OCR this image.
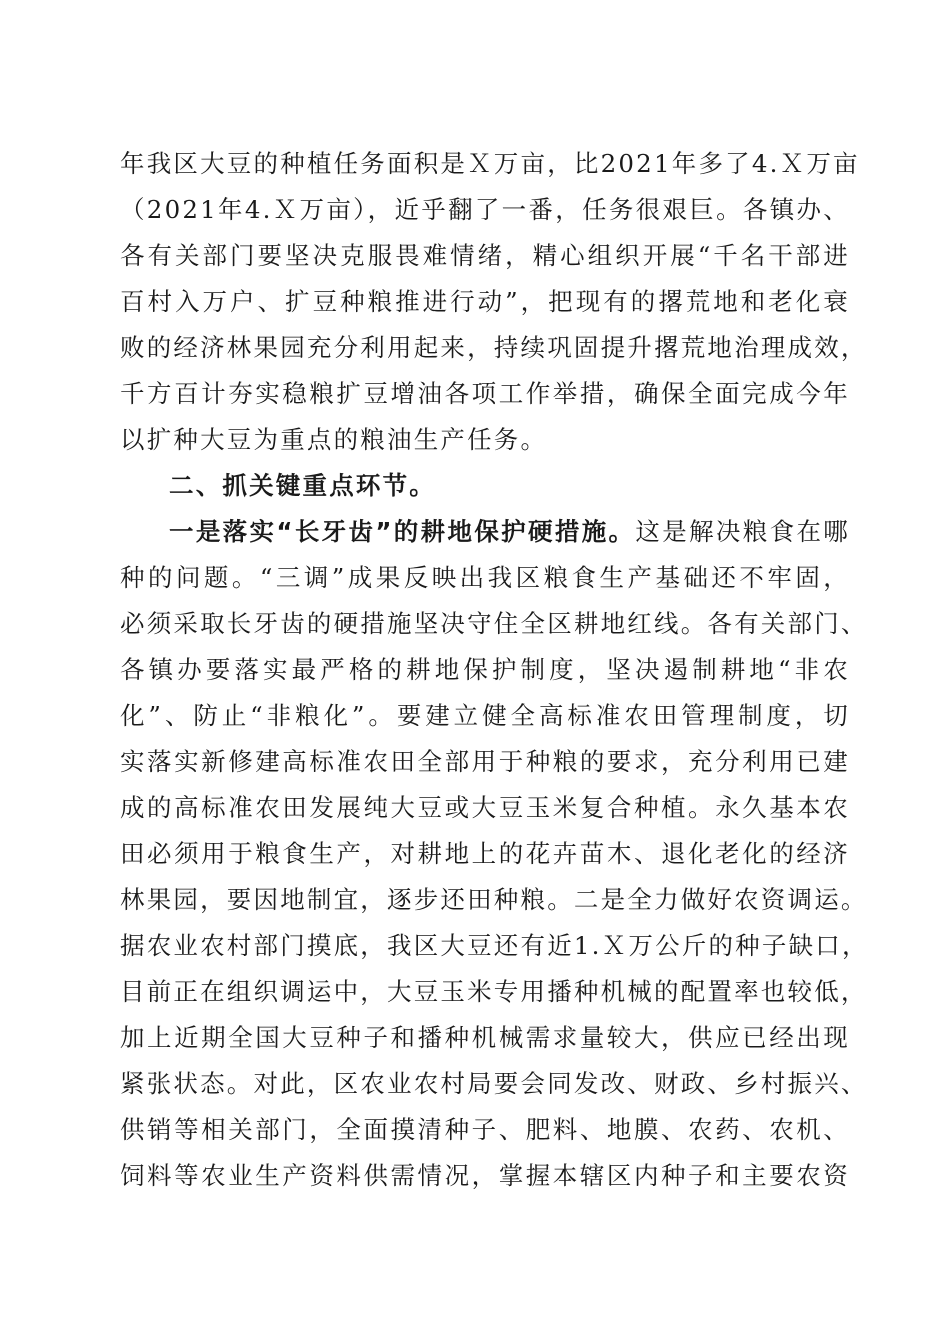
年我区大豆的种植任务面积是Ｘ万亩，比2021年多了4.Ｘ万亩
（2021年4.Ｘ万亩），近乎翻了一番，任务很艰巨。各镇办、
各有关部门要坚决克服畏难情绪，精心组织开展“千名干部进
百村入万户、扩豆种粮推进行动”，把现有的撂荒地和老化衰
败的经济林果园充分利用起来，持续巩固提升撂荒地治理成效，
千方百计夯实稳粮扩豆增油各项工作举措，确保全面完成今年
以扩种大豆为重点的粮油生产任务。
二、抓关键重点环节。
一是落实“长牙齿”的耕地保护硬措施。这是解决粮食在哪
种的问题。“三调”成果反映出我区粮食生产基础还不牢固，
必须采取长牙齿的硬措施坚决守住全区耕地红线。各有关部门、
各镇办要落实最严格的耕地保护制度，坚决遏制耕地“非农
化”、防止“非粮化”。要建立健全高标准农田管理制度，切
实落实新修建高标准农田全部用于种粮的要求，充分利用已建
成的高标准农田发展纯大豆或大豆玉米复合种植。永久基本农
田必须用于粮食生产，对耕地上的花卉苗木、退化老化的经济
林果园，要因地制宜，逐步还田种粮。二是全力做好农资调运。
据农业农村部门摸底，我区大豆还有近1.Ｘ万公斤的种子缺口，
目前正在组织调运中，大豆玉米专用播种机械的配置率也较低，
加上近期全国大豆种子和播种机械需求量较大，供应已经出现
紧张状态。对此，区农业农村局要会同发改、财政、乡村振兴、
供销等相关部门，全面摸清种子、肥料、地膜、农药、农机、
饲料等农业生产资料供需情况，掌握本辖区内种子和主要农资
